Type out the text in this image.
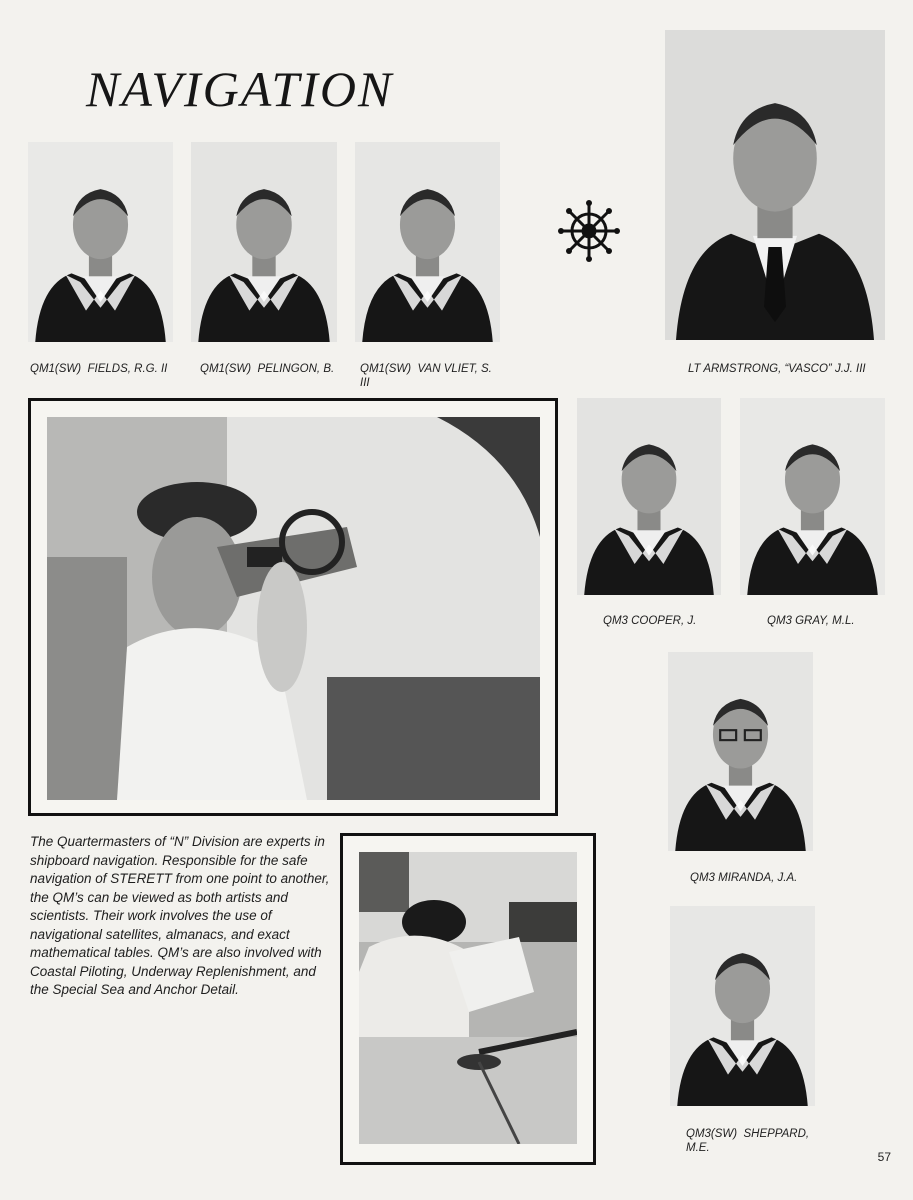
NAVIGATION
QM1(SW)  FIELDS, R.G. II	QM1(SW)  PELINGON, B.	QM1(SW)  VAN VLIET, S.
III
LT ARMSTRONG, “VASCO” J.J. III
QM3 COOPER, J.	QM3 GRAY, M.L.
QM3 MIRANDA, J.A.

The Quartermasters of “N” Division are experts in shipboard navigation. Responsible for the safe navigation of STERETT from one point to another, the QM’s can be viewed as both artists and scientists. Their work involves the use of navigational satellites, almanacs, and exact mathematical tables. QM’s are also involved with Coastal Piloting, Underway Replenishment, and the Special Sea and Anchor Detail.

QM3(SW)  SHEPPARD,
M.E.
57
